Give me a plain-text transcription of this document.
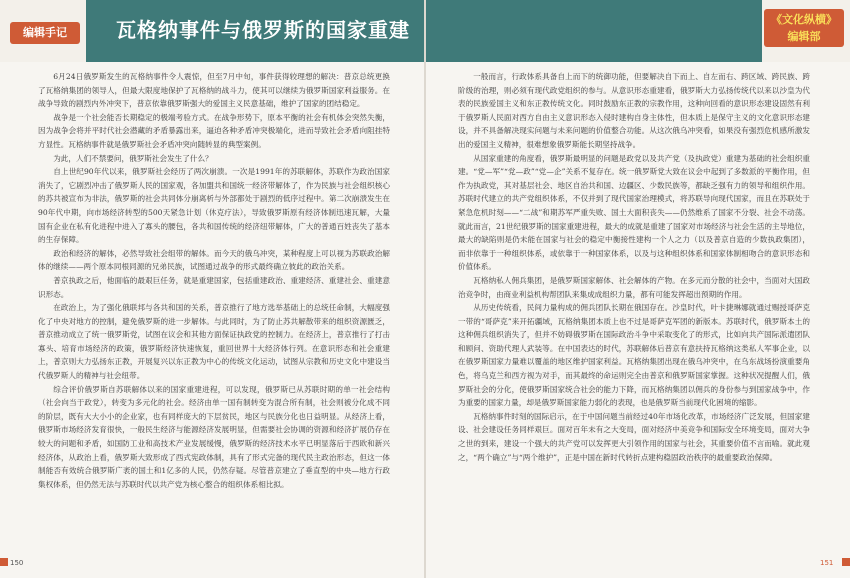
编辑手记	瓦格纳事件与俄罗斯的国家重建	《文化纵横》
编辑部

6月24日俄罗斯发生的瓦格纳事件令人震惊，但至7月中旬，事件获得较理想的解决：普京总统更换了瓦格纳集团的领导人，但最大限度地保护了瓦格纳的战斗力，使其可以继续为俄罗斯国家利益服务。在战争导致的剧烈内外冲突下，普京依靠俄罗斯强大的爱国主义民意基础，维护了国家的团结稳定。

战争是一个社会能否长期稳定的极端考验方式。在战争形势下，原本平衡的社会有机体会突然失衡，因为战争会将并平时代社会潜藏的矛盾暴露出来，逼迫各种矛盾冲突极端化，进而导致社会矛盾向阻挂特方显性。瓦格纳事件就是俄罗斯社会矛盾冲突向随转显的典型案例。

为此，人们不禁要问，俄罗斯社会发生了什么？

自上世纪90年代以来，俄罗斯社会经历了两次崩溃。一次是1991年的苏联解体，苏联作为政治国家消失了，它剧烈冲击了俄罗斯人民的国家观，各加盟共和国统一经济带解体了，作为民族与社会组织核心的苏共被宣布为非法，俄罗斯的社会共同体分崩离析与外部都处于剧烈的低序过程中。第二次崩溃发生在90年代中期，向市场经济转型的500天紧急计划（休克疗法），导致俄罗斯原有经济体制迅速瓦解，大量国有企业在私有化进程中进入了寡头的腰包，各共和国传统的经济纽带解体，广大的普通百姓丧失了基本的生存保障。

政治和经济的解体，必然导致社会组带的解体。而今天的俄乌冲突，某种程度上可以视为苏联政治解体的继续——两个原本同根同源的兄弟民族，试图通过战争的形式最终确立彼此的政治关系。

普京执政之后，他面临的最艰巨任务，就是重建国家，包括重建政治、重建经济、重建社会、重建意识形态。

在政治上，为了强化俄联邦与各共和国的关系，普京推行了地方选举基础上的总统任命制，大幅度强化了中央对地方的控制，避免俄罗斯的进一步解体。与此同时，为了防止苏共解散带来的组织资源匮乏，普京推动成立了统一俄罗斯党，试图在议会和其他方面保证执政党的控制力。在经济上，普京推行了打击寡头、培育市场经济的政策，俄罗斯经济快速恢复，重回世界十大经济体行列。在意识形态和社会重建上，普京则大力弘扬东正教，开展复兴以东正教为中心的传统文化运动，试图从宗教和历史文化中建设当代俄罗斯人的精神与社会纽带。

综合评价俄罗斯自苏联解体以来的国家重建进程，可以发现，俄罗斯已从苏联时期的单一社会结构（社会向当于政党），转变为多元化的社会。经济由单一国有制转变为混合所有制，社会则被分化成不同的阶层，既有大大小小的企业家，也有同样庞大的下层贫民，地区与民族分化也日益明显。从经济上看，俄罗斯市场经济发育很快，一般民生经济与能源经济发展明显，但需要社会协调的资源和经济扩展仍存在较大的问题和矛盾，如国防工业和高技术产业发展缓慢，俄罗斯的经济技术水平已明显落后于西欧和新兴经济体，从政治上看，俄罗斯大致形成了西式宪政体制，具有了形式完备的现代民主政治形态，但这一体制能否有效统合俄罗斯广袤的国土和1亿多的人民，仍然存疑。尽管普京建立了垂直型的中央—地方行政集权体系，但仍然无法与苏联时代以共产党为核心整合的组织体系相比拟。

一般而言，行政体系具备自上而下的统御功能，但要解决自下而上、自左而右、跨区域、跨民族、跨阶级的治理，则必须有现代政党组织的参与。从意识形态重建看，俄罗斯大力弘扬传统代以来以沙皇为代表的民族爱国主义和东正教传统文化。同时鼓励东正教的宗教作用，这种向回看的意识形态建设固然有利于俄罗斯人民面对西方自由主义意识形态入侵时建构自身主体性，但本质上是保守主义的文化意识形态建设，并不具备解决现实问题与未来问题的价值整合功能。从这次俄乌冲突看，如果没有强烈危机感所激发出的爱国主义精神，很难想象俄罗斯能长期坚持战争。

从国家重建的角度看，俄罗斯最明显的问题是政党以及共产党（及执政党）重建为基础的社会组织重建。“党—军”“党—政”“党—企”关系不复存在。统一俄罗斯党大致在议会中起到了多数派的平衡作用，但作为执政党，其对基层社会、地区自治共和国、边疆区、少数民族等，都缺乏强有力的领导和组织作用。苏联时代建立的共产党组织体系，不仅并到了现代国家治理模式，将苏联导向现代国家，而且在苏联处于紧急危机时刻——“二战”和期苏军严重失败、国土大面积丧失——仍然维系了国家不分裂、社会不动荡。就此而言，21世纪俄罗斯的国家重建进程，最大的成就是重建了国家对市场经济与社会生活的主导地位，最大的缺陷则是仍未能在国家与社会的稳定中衡接性建构一个人之力（以及普京自造的少数执政集团），而非依靠于一种组织体系，或依靠于一种国家体系，以及与这种组织体系和国家体制相吻合的意识形态和价值体系。

瓦格纳私人佣兵集团，是俄罗斯国家解体、社会解体的产物。在多元而分散的社会中，当面对大国政治竞争时，由商业利益机构帮团队来集成成组织力量，都有可能发挥超出预期的作用。

从历史传统看，民间力量构成的佣兵团队长期在俄国存在。沙皇时代，叶卡捷琳娜就通过赐授哥萨克一带的“哥萨克”来开拓疆域，瓦格纳集团本质上也不过是哥萨克军团的新版本。苏联时代，俄罗斯本土的这种佣兵组织消失了，但并不妨碍俄罗斯在国际政治斗争中采取变化了的形式，比如向共产国际派遣团队和顾问、资助代理人武装等。在中国表达的时代，苏联解体后普京有意扶持瓦格纳这类私人军事企业，以在俄罗斯国家力量难以覆盖的地区维护国家利益。瓦格纳集团出现在俄乌冲突中，在乌东战场扮演重要角色，将乌克兰和西方视为对手，而其最终的命运则完全由普京和俄罗斯国家掌握。这种状况提醒人们，俄罗斯社会的分化，使俄罗斯国家统合社会的能力下降，而瓦格纳集团以佣兵的身份参与到国家战争中，作为重要的国家力量，却是俄罗斯国家能力弱化的表现，也是俄罗斯当前现代化困境的缩影。

瓦格纳事件时刻的国际启示，在于中国问题当前经过40年市场化改革，市场经济广泛发展，但国家建设、社会建设任务同样艰巨。面对百年未有之大变局，面对经济中美竞争和国际安全环境变局，面对大争之世的到来，建设一个强大的共产党可以发挥更大引领作用的国家与社会，其重要价值不言而喻。就此观之，“两个确立”与“两个维护”，正是中国在新时代转折点建构稳固政治秩序的最重要政治保障。

150	151
